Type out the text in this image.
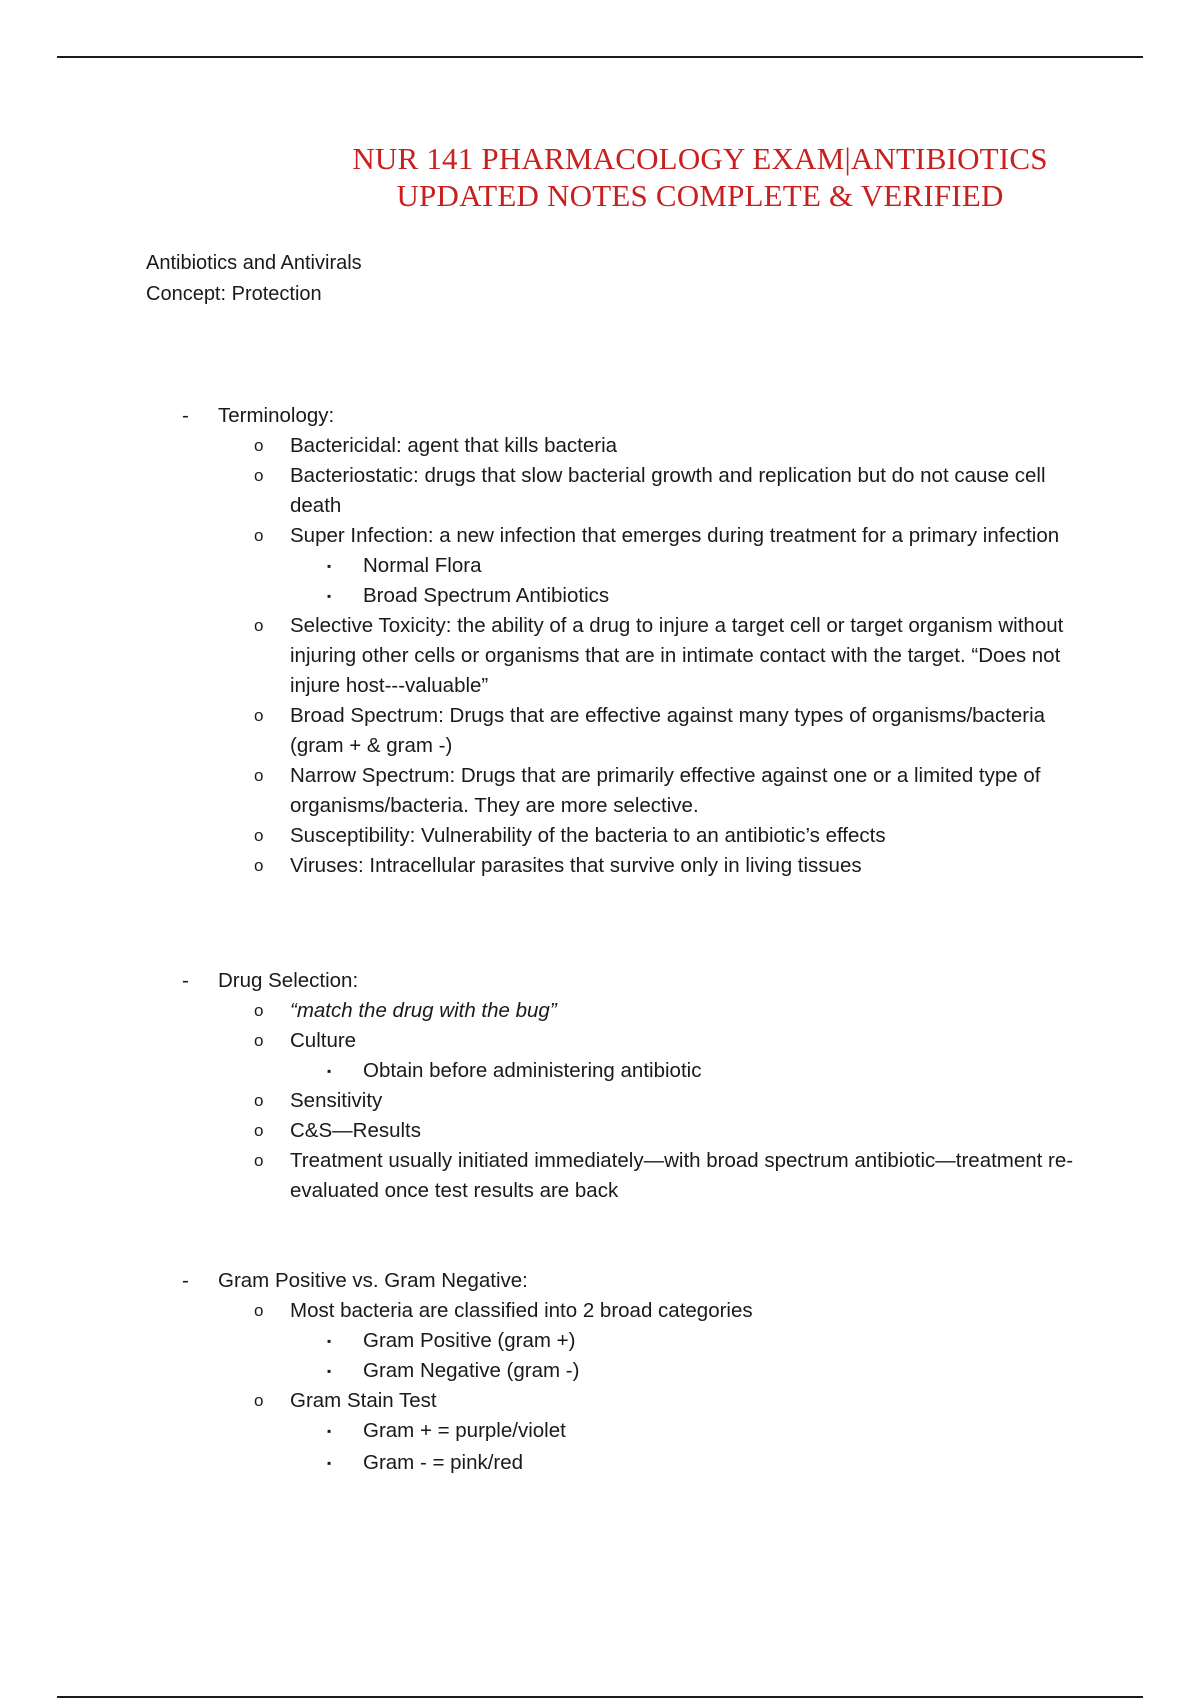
NUR 141 PHARMACOLOGY EXAM|ANTIBIOTICS
UPDATED NOTES COMPLETE & VERIFIED
Antibiotics and Antivirals
Concept: Protection
- Terminology:
o Bactericidal: agent that kills bacteria
o Bacteriostatic: drugs that slow bacterial growth and replication but do not cause cell death
o Super Infection: a new infection that emerges during treatment for a primary infection
▪ Normal Flora
▪ Broad Spectrum Antibiotics
o Selective Toxicity: the ability of a drug to injure a target cell or target organism without injuring other cells or organisms that are in intimate contact with the target. “Does not injure host---valuable”
o Broad Spectrum: Drugs that are effective against many types of organisms/bacteria (gram + & gram -)
o Narrow Spectrum: Drugs that are primarily effective against one or a limited type of organisms/bacteria. They are more selective.
o Susceptibility: Vulnerability of the bacteria to an antibiotic’s effects
o Viruses: Intracellular parasites that survive only in living tissues
- Drug Selection:
o “match the drug with the bug”
o Culture
▪ Obtain before administering antibiotic
o Sensitivity
o C&S—Results
o Treatment usually initiated immediately—with broad spectrum antibiotic—treatment re-evaluated once test results are back
- Gram Positive vs. Gram Negative:
o Most bacteria are classified into 2 broad categories
▪ Gram Positive (gram +)
▪ Gram Negative (gram -)
o Gram Stain Test
▪ Gram + = purple/violet
▪ Gram - = pink/red
